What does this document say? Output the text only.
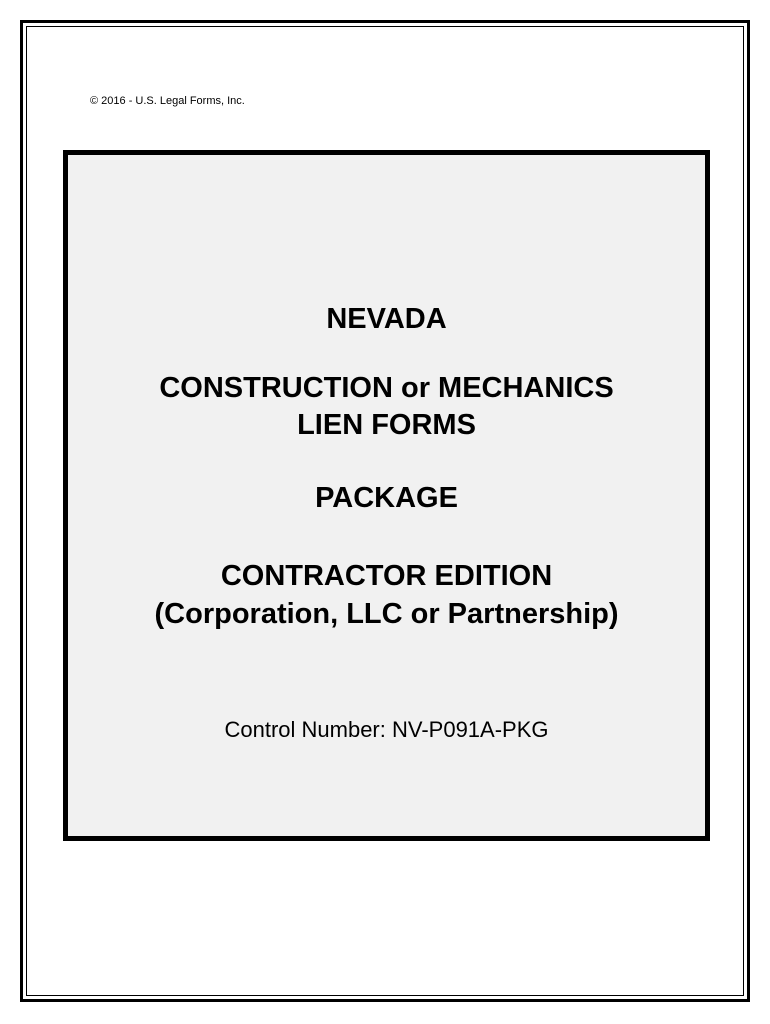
© 2016 - U.S. Legal Forms, Inc.
NEVADA
CONSTRUCTION or MECHANICS
LIEN FORMS
PACKAGE
CONTRACTOR EDITION
(Corporation, LLC or Partnership)
Control Number: NV-P091A-PKG
